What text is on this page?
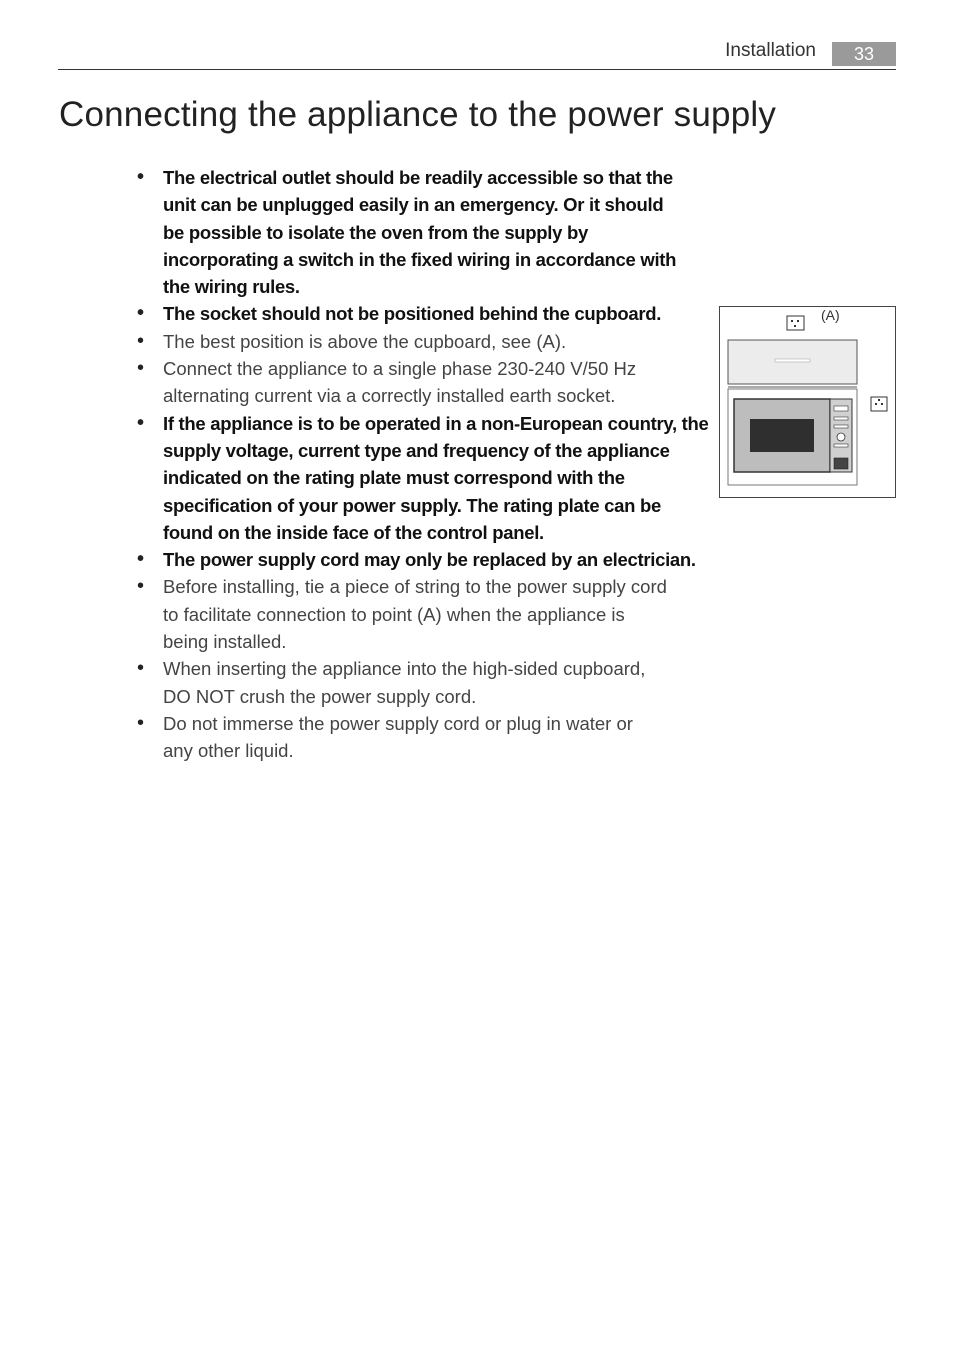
Installation	33
Connecting the appliance to the power supply
• The electrical outlet should be readily accessible so that the unit can be unplugged easily in an emergency. Or it should be possible to isolate the oven from the supply by incorporating a switch in the fixed wiring in accordance with the wiring rules.
• The socket should not be positioned behind the cupboard.
• The best position is above the cupboard, see (A).
• Connect the appliance to a single phase 230-240 V/50 Hz alternating current via a correctly installed earth socket.
• If the appliance is to be operated in a non-European country, the supply voltage, current type and frequency of the appliance indicated on the rating plate must correspond with the specification of your power supply. The rating plate can be found on the inside face of the control panel.
• The power supply cord may only be replaced by an electrician.
• Before installing, tie a piece of string to the power supply cord to facilitate connection to point (A) when the appliance is being installed.
• When inserting the appliance into the high-sided cupboard, DO NOT crush the power supply cord.
• Do not immerse the power supply cord or plug in water or any other liquid.
(A)
